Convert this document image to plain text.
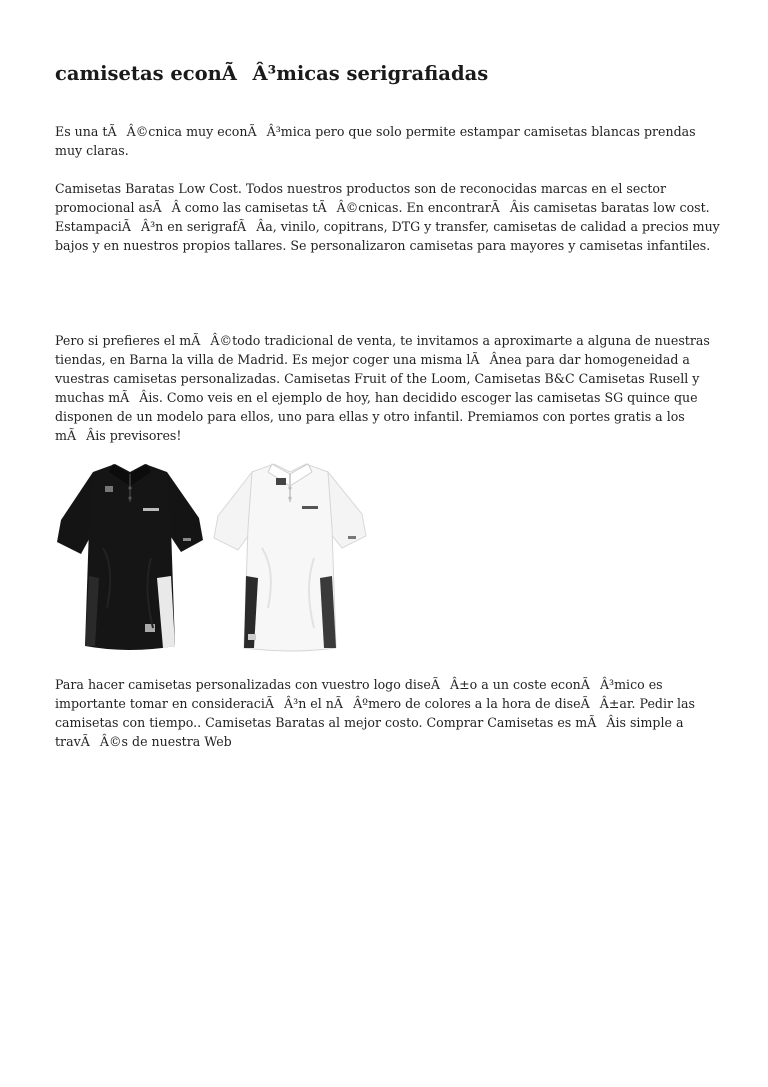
camisetas econÃÂ³micas serigrafiadas

Es una tÃÂ©cnica muy econÃÂ³mica pero que solo permite estampar camisetas blancas prendas muy claras.

Camisetas Baratas Low Cost. Todos nuestros productos son de reconocidas marcas en el sector promocional asÃÂ como las camisetas tÃÂ©cnicas. En encontrarÃÂis camisetas baratas low cost. EstampaciÃÂ³n en serigrafÃÂa, vinilo, copitrans, DTG y transfer, camisetas de calidad a precios muy bajos y en nuestros propios tallares. Se personalizaron camisetas para mayores y camisetas infantiles.

Pero si prefieres el mÃÂ©todo tradicional de venta, te invitamos a aproximarte a alguna de nuestras tiendas, en Barna la villa de Madrid. Es mejor coger una misma lÃÂnea para dar homogeneidad a vuestras camisetas personalizadas. Camisetas Fruit of the Loom, Camisetas B&C Camisetas Rusell y muchas mÃÂis. Como veis en el ejemplo de hoy, han decidido escoger las camisetas SG quince que disponen de un modelo para ellos, uno para ellas y otro infantil. Premiamos con portes gratis a los mÃÂis previsores!

Para hacer camisetas personalizadas con vuestro logo diseÃÂ±o a un coste econÃÂ³mico es importante tomar en consideraciÃÂ³n el nÃÂºmero de colores a la hora de diseÃÂ±ar. Pedir las camisetas con tiempo.. Camisetas Baratas al mejor costo. Comprar Camisetas es mÃÂis simple a travÃÂ©s de nuestra Web
